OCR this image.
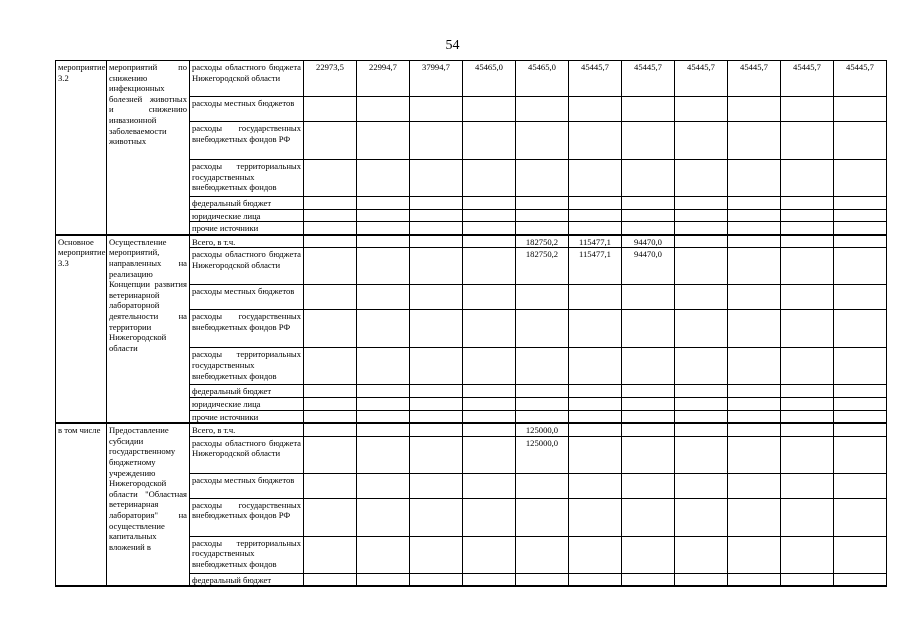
54
мероприятие 3.2	мероприятий по снижению инфекционных болезней животных и снижению инвазионной заболеваемости животных	расходы областного бюджета Нижегородской области	22973,5	22994,7	37994,7	45465,0	45465,0	45445,7	45445,7	45445,7	45445,7	45445,7	45445,7
		расходы местных бюджетов											
		расходы государственных внебюджетных фондов РФ											
		расходы территориальных государственных внебюджетных фондов											
		федеральный бюджет											
		юридические лица											
		прочие источники											
Основное мероприятие 3.3	Осуществление мероприятий, направленных на реализацию Концепции развития ветеринарной лабораторной деятельности на территории Нижегородской области	Всего, в т.ч.					182750,2	115477,1	94470,0				
		расходы областного бюджета Нижегородской области					182750,2	115477,1	94470,0				
		расходы местных бюджетов											
		расходы государственных внебюджетных фондов РФ											
		расходы территориальных государственных внебюджетных фондов											
		федеральный бюджет											
		юридические лица											
		прочие источники											
в том числе	Предоставление субсидии государственному бюджетному учреждению Нижегородской области "Областная ветеринарная лаборатория" на осуществление капитальных вложений в	Всего, в т.ч.					125000,0						
		расходы областного бюджета Нижегородской области					125000,0						
		расходы местных бюджетов											
		расходы государственных внебюджетных фондов РФ											
		расходы территориальных государственных внебюджетных фондов											
		федеральный бюджет											
